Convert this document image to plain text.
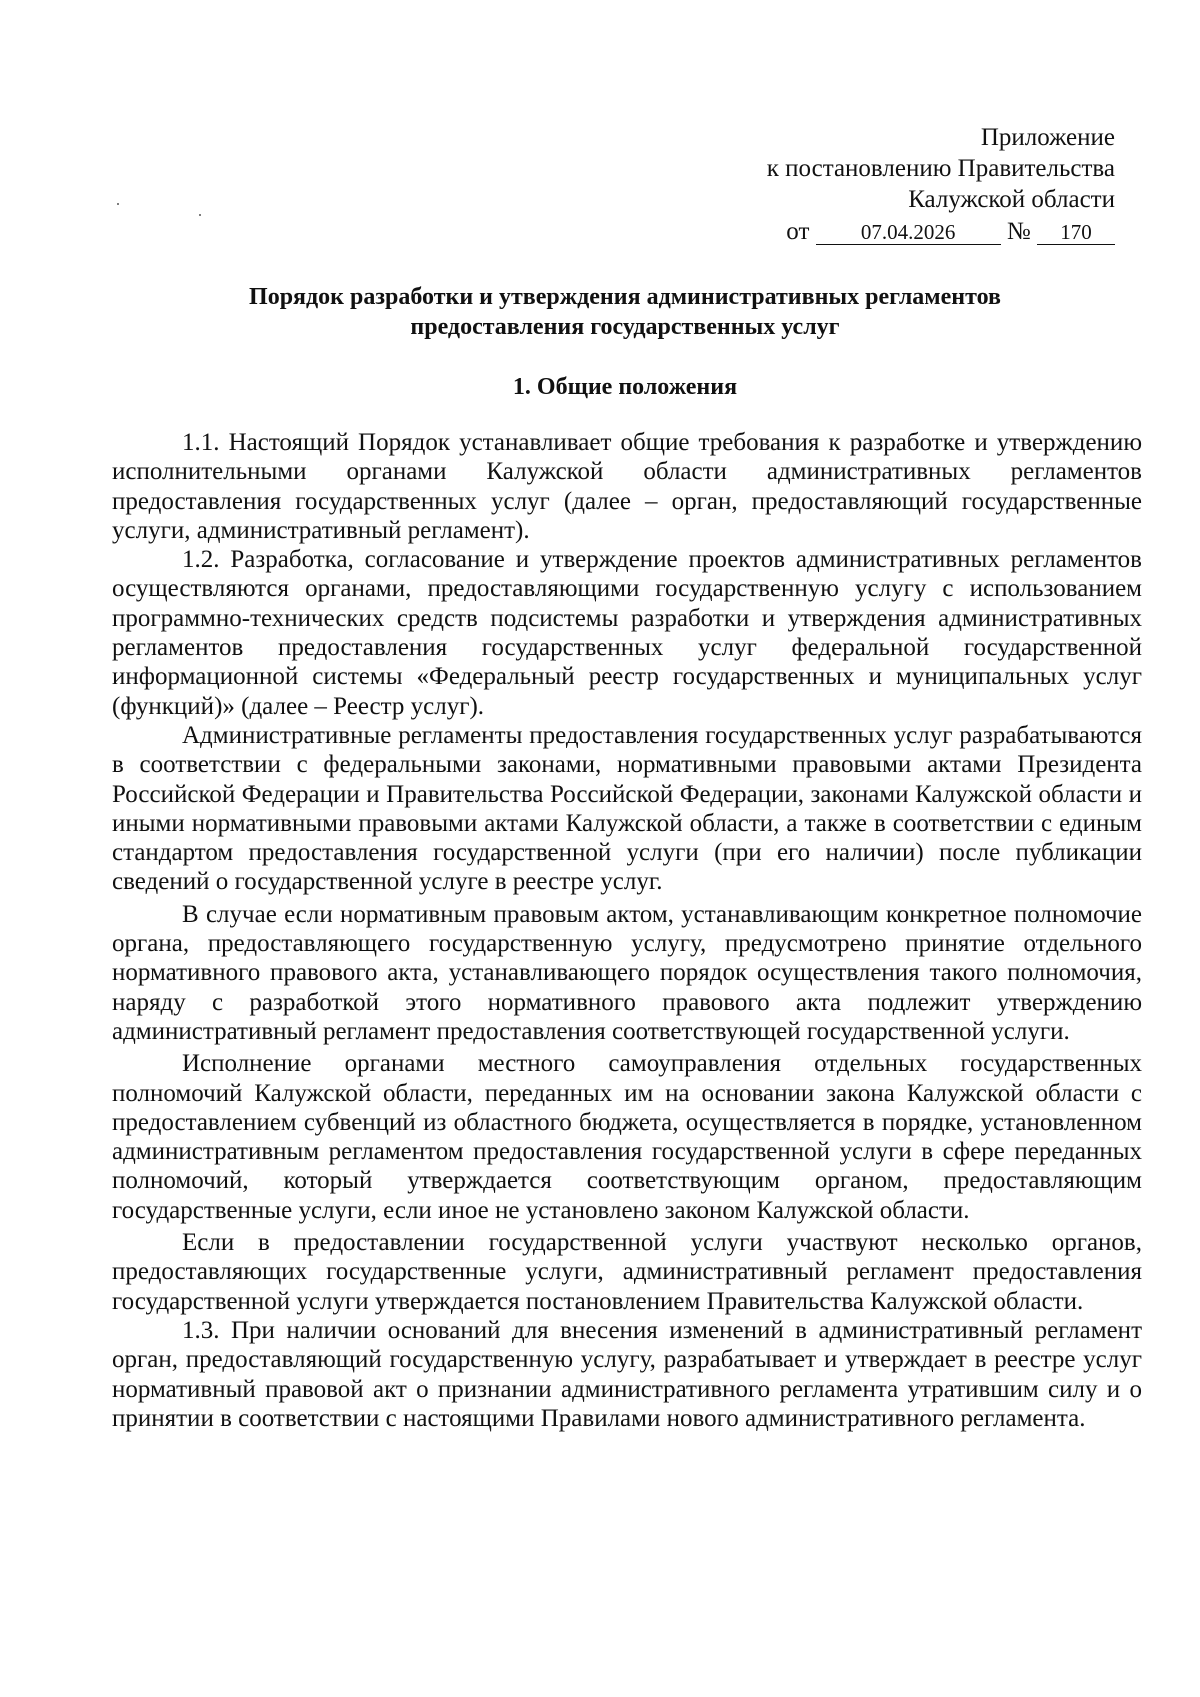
Приложение
к постановлению Правительства
Калужской области
от 07.04.2026 № 170
Порядок разработки и утверждения административных регламентов
предоставления государственных услуг
1. Общие положения

1.1. Настоящий Порядок устанавливает общие требования к разработке и утверждению исполнительными органами Калужской области административных регламентов предоставления государственных услуг (далее – орган, предоставляющий государственные услуги, административный регламент).

1.2. Разработка, согласование и утверждение проектов административных регламентов осуществляются органами, предоставляющими государственную услугу с использованием программно-технических средств подсистемы разработки и утверждения административных регламентов предоставления государственных услуг федеральной государственной информационной системы «Федеральный реестр государственных и муниципальных услуг (функций)» (далее – Реестр услуг).

Административные регламенты предоставления государственных услуг разрабатываются в соответствии с федеральными законами, нормативными правовыми актами Президента Российской Федерации и Правительства Российской Федерации, законами Калужской области и иными нормативными правовыми актами Калужской области, а также в соответствии с единым стандартом предоставления государственной услуги (при его наличии) после публикации сведений о государственной услуге в реестре услуг.

В случае если нормативным правовым актом, устанавливающим конкретное полномочие органа, предоставляющего государственную услугу, предусмотрено принятие отдельного нормативного правового акта, устанавливающего порядок осуществления такого полномочия, наряду с разработкой этого нормативного правового акта подлежит утверждению административный регламент предоставления соответствующей государственной услуги.

Исполнение органами местного самоуправления отдельных государственных полномочий Калужской области, переданных им на основании закона Калужской области с предоставлением субвенций из областного бюджета, осуществляется в порядке, установленном административным регламентом предоставления государственной услуги в сфере переданных полномочий, который утверждается соответствующим органом, предоставляющим государственные услуги, если иное не установлено законом Калужской области.

Если в предоставлении государственной услуги участвуют несколько органов, предоставляющих государственные услуги, административный регламент предоставления государственной услуги утверждается постановлением Правительства Калужской области.

1.3. При наличии оснований для внесения изменений в административный регламент орган, предоставляющий государственную услугу, разрабатывает и утверждает в реестре услуг нормативный правовой акт о признании административного регламента утратившим силу и о принятии в соответствии с настоящими Правилами нового административного регламента.
